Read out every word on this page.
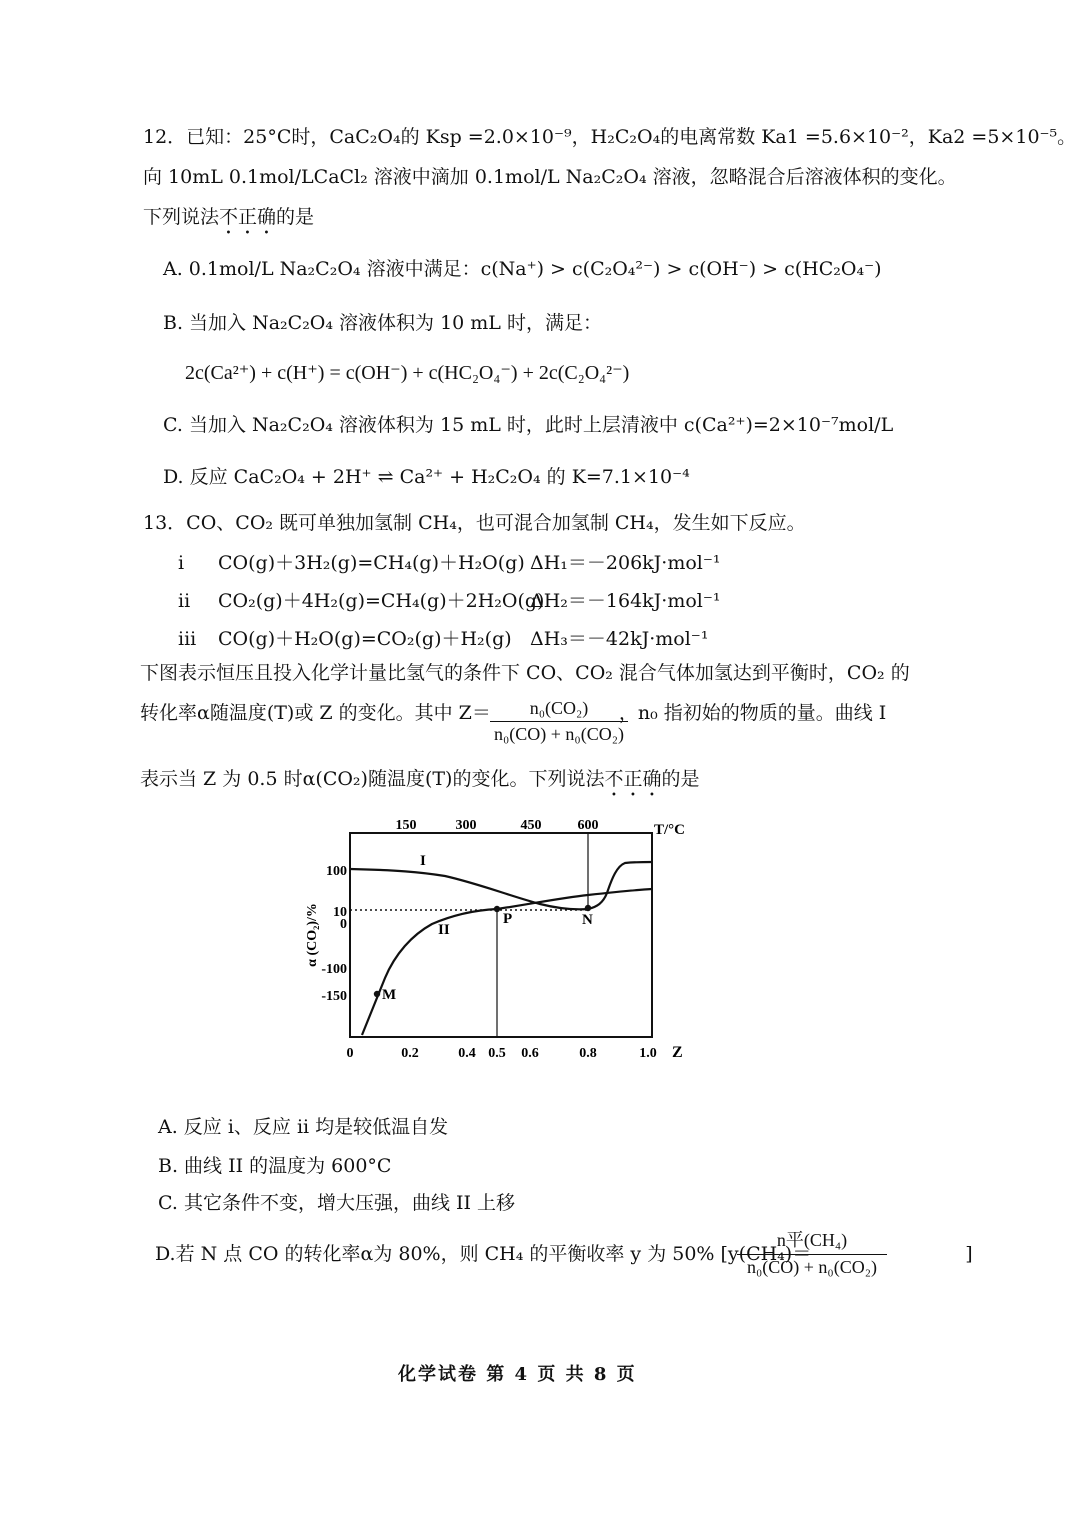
12．已知：25°C时，CaC₂O₄的 Ksp =2.0×10⁻⁹，H₂C₂O₄的电离常数 Ka1 =5.6×10⁻²，Ka2 =5×10⁻⁵。
向 10mL 0.1mol/LCaCl₂ 溶液中滴加 0.1mol/L Na₂C₂O₄ 溶液，忽略混合后溶液体积的变化。
下列说法不正确的是
A. 0.1mol/L Na₂C₂O₄ 溶液中满足：c(Na⁺) > c(C₂O₄²⁻) > c(OH⁻) > c(HC₂O₄⁻)
B. 当加入 Na₂C₂O₄ 溶液体积为 10 mL 时，满足：
2c(Ca²⁺) + c(H⁺) = c(OH⁻) + c(HC₂O₄⁻) + 2c(C₂O₄²⁻)
C. 当加入 Na₂C₂O₄ 溶液体积为 15 mL 时，此时上层清液中 c(Ca²⁺)=2×10⁻⁷mol/L
D. 反应 CaC₂O₄ + 2H⁺ ⇌ Ca²⁺ + H₂C₂O₄ 的 K=7.1×10⁻⁴
13．CO、CO₂ 既可单独加氢制 CH₄，也可混合加氢制 CH₄，发生如下反应。
i CO(g)＋3H₂(g)=CH₄(g)＋H₂O(g) ΔH₁＝－206kJ·mol⁻¹
ii CO₂(g)＋4H₂(g)=CH₄(g)＋2H₂O(g)ΔH₂＝－164kJ·mol⁻¹
iii CO(g)＋H₂O(g)=CO₂(g)＋H₂(g) ΔH₃＝－42kJ·mol⁻¹
下图表示恒压且投入化学计量比氢气的条件下 CO、CO₂ 混合气体加氢达到平衡时，CO₂ 的
转化率α随温度(T)或 Z 的变化。其中 Z＝	，n₀ 指初始的物质的量。曲线 I
$\frac{\text{n₀(CO₂)}}{\text{n₀(CO) + n₀(CO₂)}}$
表示当 Z 为 0.5 时α(CO₂)随温度(T)的变化。下列说法不正确的是
0	0.2	0.4 0.5 0.6	0.8	1.0 Z
150	300	450	600	T/°C
100
10
0
-100
-150
α (CO₂)/%
I
II
M
P	N
A. 反应 i、反应 ii 均是较低温自发
B. 曲线 II 的温度为 600°C
C. 其它条件不变，增大压强，曲线 II 上移
D.若 N 点 CO 的转化率α为 80%，则 CH₄ 的平衡收率 y 为 50% [y(CH₄)＝	]
n平(CH₄)
n₀(CO) + n₀(CO₂)
化学试卷 第 4 页 共 8 页
